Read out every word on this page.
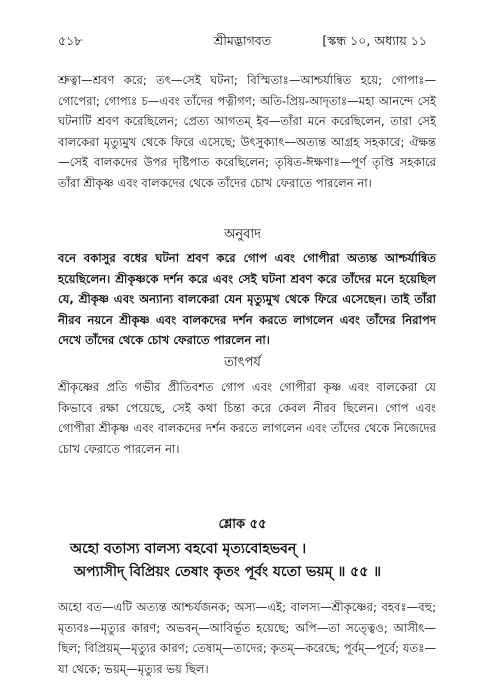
৫১৮	শ্রীমদ্ভাগবত	[স্কন্ধ ১০, অধ্যায় ১১

শ্রুত্বা—শ্রবণ করে; তৎ—সেই ঘটনা; বিস্মিতাঃ—আশ্চর্যান্বিত হয়ে; গোপাঃ—গোপেরা; গোপ্যঃ চ—এবং তাঁদের পত্নীগণ; অতি-প্রিয়-আদৃতাঃ—মহা আনন্দে সেই ঘটনাটি শ্রবণ করেছিলেন; প্রেত্য আগতম্ ইব—তাঁরা মনে করেছিলেন, তারা সেই বালকেরা মৃত্যুমুখ থেকে ফিরে এসেছে; উৎসুক্যাৎ—অত্যন্ত আগ্রহ সহকারে; ঐক্ষন্ত—সেই বালকদের উপর দৃষ্টিপাত করেছিলেন; তৃষিত-ঈক্ষণাঃ—পূর্ণ তৃপ্তি সহকারে তাঁরা শ্রীকৃষ্ণ এবং বালকদের থেকে তাঁদের চোখ ফেরাতে পারলেন না।

অনুবাদ

বনে বকাসুর বধের ঘটনা শ্রবণ করে গোপ এবং গোপীরা অত্যন্ত আশ্চর্যান্বিত হয়েছিলেন। শ্রীকৃষ্ণকে দর্শন করে এবং সেই ঘটনা শ্রবণ করে তাঁদের মনে হয়েছিল যে, শ্রীকৃষ্ণ এবং অন্যান্য বালকেরা যেন মৃত্যুমুখ থেকে ফিরে এসেছেন। তাই তাঁরা নীরব নয়নে শ্রীকৃষ্ণ এবং বালকদের দর্শন করতে লাগলেন এবং তাঁদের নিরাপদ দেখে তাঁদের থেকে চোখ ফেরাতে পারলেন না।

তাৎপর্য

শ্রীকৃষ্ণের প্রতি গভীর প্রীতিবশত গোপ এবং গোপীরা কৃষ্ণ এবং বালকেরা যে কিভাবে রক্ষা পেয়েছে, সেই কথা চিন্তা করে কেবল নীরব ছিলেন। গোপ এবং গোপীরা শ্রীকৃষ্ণ এবং বালকদের দর্শন করতে লাগলেন এবং তাঁদের থেকে নিজেদের চোখ ফেরাতে পারলেন না।

শ্লোক ৫৫

অহো বতাস্য বালস্য বহবো মৃত্যবোহভবন্ ।
অপ্যাসীদ্ বিপ্রিয়ং তেষাং কৃতং পূর্বং যতো ভয়ম্ ॥ ৫৫ ॥

অহো বত—এটি অত্যন্ত আশ্চর্যজনক; অস্য—এই; বালস্য—শ্রীকৃষ্ণের; বহবঃ—বহু; মৃত্যবঃ—মৃত্যুর কারণ; অভবন্—আবির্ভূত হয়েছে; অপি—তা সত্ত্বেও; আসীৎ—ছিল; বিপ্রিয়ম্—মৃত্যুর কারণ; তেষাম্—তাদের; কৃতম্—করেছে; পূর্বম্—পূর্বে; যতঃ—যা থেকে; ভয়ম্—মৃত্যুর ভয় ছিল।
